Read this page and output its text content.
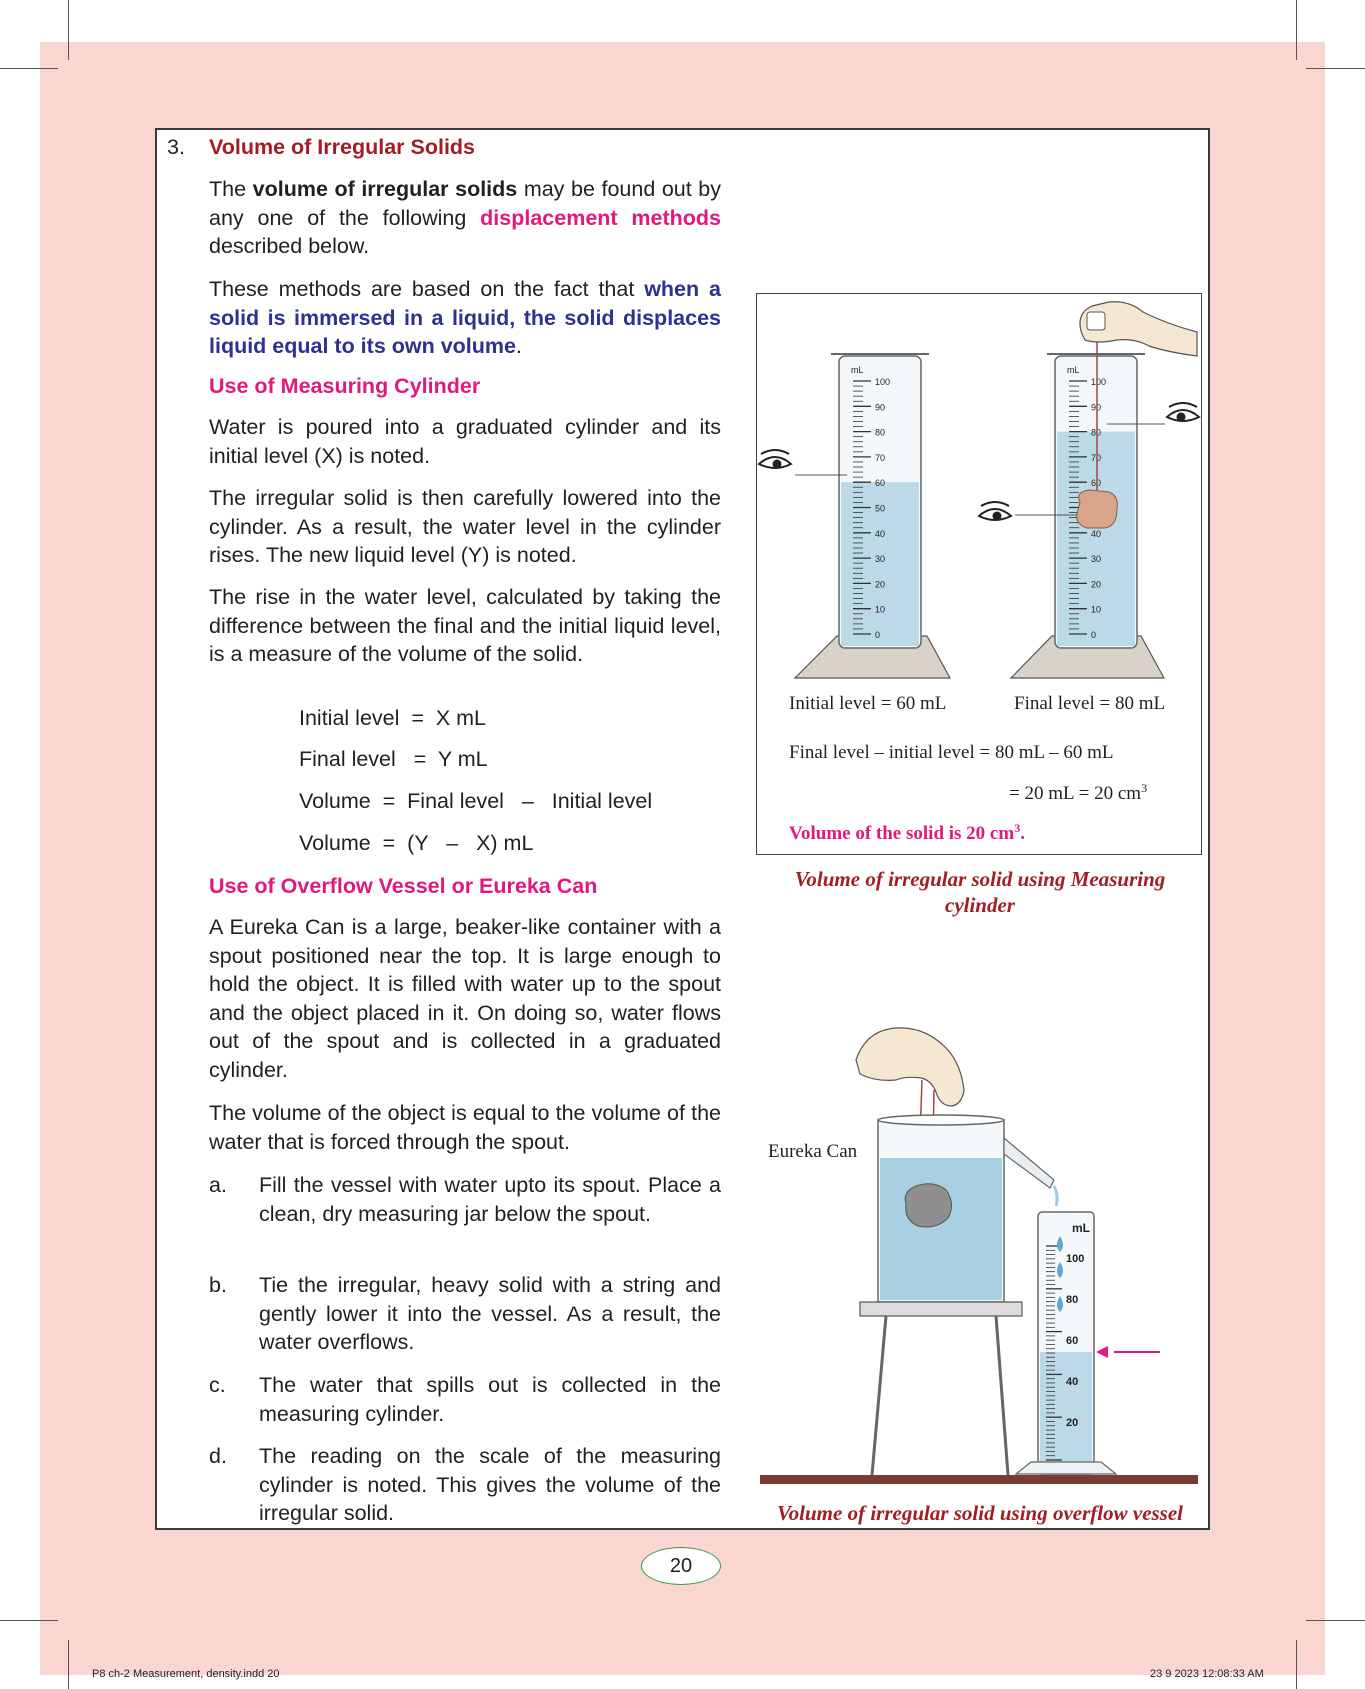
3. Volume of Irregular Solids

The volume of irregular solids may be found out by any one of the following displacement methods described below.

These methods are based on the fact that when a solid is immersed in a liquid, the solid displaces liquid equal to its own volume.

Use of Measuring Cylinder

Water is poured into a graduated cylinder and its initial level (X) is noted.

The irregular solid is then carefully lowered into the cylinder. As a result, the water level in the cylinder rises. The new liquid level (Y) is noted.

The rise in the water level, calculated by taking the difference between the final and the initial liquid level, is a measure of the volume of the solid.

Initial level  =  X mL
Final level   =  Y mL
Volume  =  Final level   –   Initial level
Volume  =  (Y   –   X) mL

Use of Overflow Vessel or Eureka Can

A Eureka Can is a large, beaker-like container with a spout positioned near the top. It is large enough to hold the object. It is filled with water up to the spout and the object placed in it. On doing so, water flows out of the spout and is collected in a graduated cylinder.

The volume of the object is equal to the volume of the water that is forced through the spout.

a. Fill the vessel with water upto its spout. Place a clean, dry measuring jar below the spout.
b. Tie the irregular, heavy solid with a string and gently lower it into the vessel. As a result, the water overflows.
c. The water that spills out is collected in the measuring cylinder.
d. The reading on the scale of the measuring cylinder is noted. This gives the volume of the irregular solid.
100
90
80
70
60
50
40
30
20
10
0
mL
100
90
80
70
60
40
30
20
10
0
mL
Initial level = 60 mL	Final level = 80 mL
Final level – initial level = 80 mL – 60 mL
= 20 mL = 20 $cm^3$
Volume of the solid is 20 $cm^3$.
Volume of irregular solid using Measuring cylinder
mL
100
80
60
40
20
Eureka Can
Volume of irregular solid using overflow vessel
20
P8 ch-2 Measurement, density.indd 20	23 9 2023 12:08:33 AM
